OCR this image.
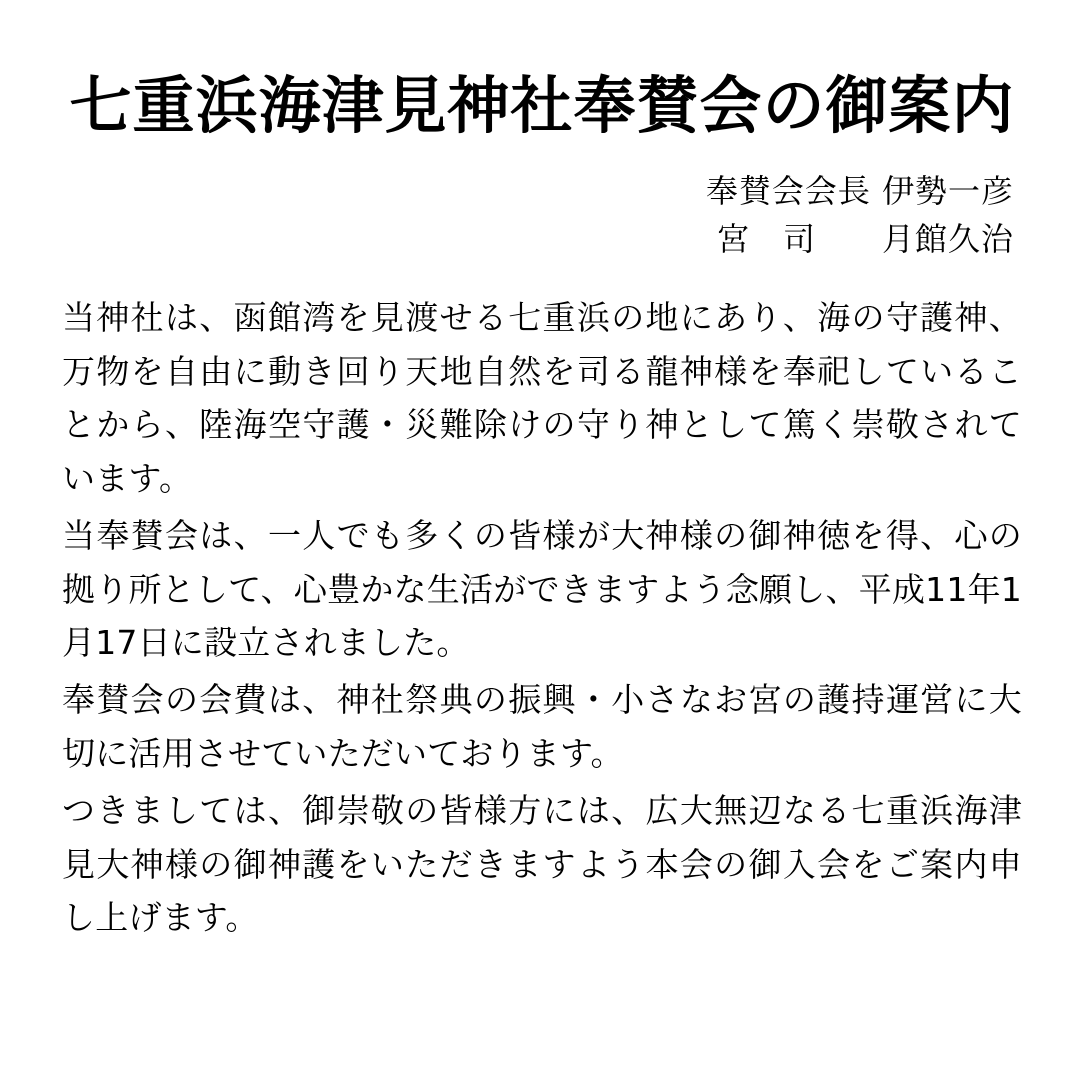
七重浜海津見神社奉賛会の御案内
奉賛会会長 伊勢一彦
宮　司　　月館久治

当神社は、函館湾を見渡せる七重浜の地にあり、海の守護神、万物を自由に動き回り天地自然を司る龍神様を奉祀していることから、陸海空守護・災難除けの守り神として篤く崇敬されています。

当奉賛会は、一人でも多くの皆様が大神様の御神徳を得、心の拠り所として、心豊かな生活ができますよう念願し、平成11年1月17日に設立されました。

奉賛会の会費は、神社祭典の振興・小さなお宮の護持運営に大切に活用させていただいております。

つきましては、御崇敬の皆様方には、広大無辺なる七重浜海津見大神様の御神護をいただきますよう本会の御入会をご案内申し上げます。
